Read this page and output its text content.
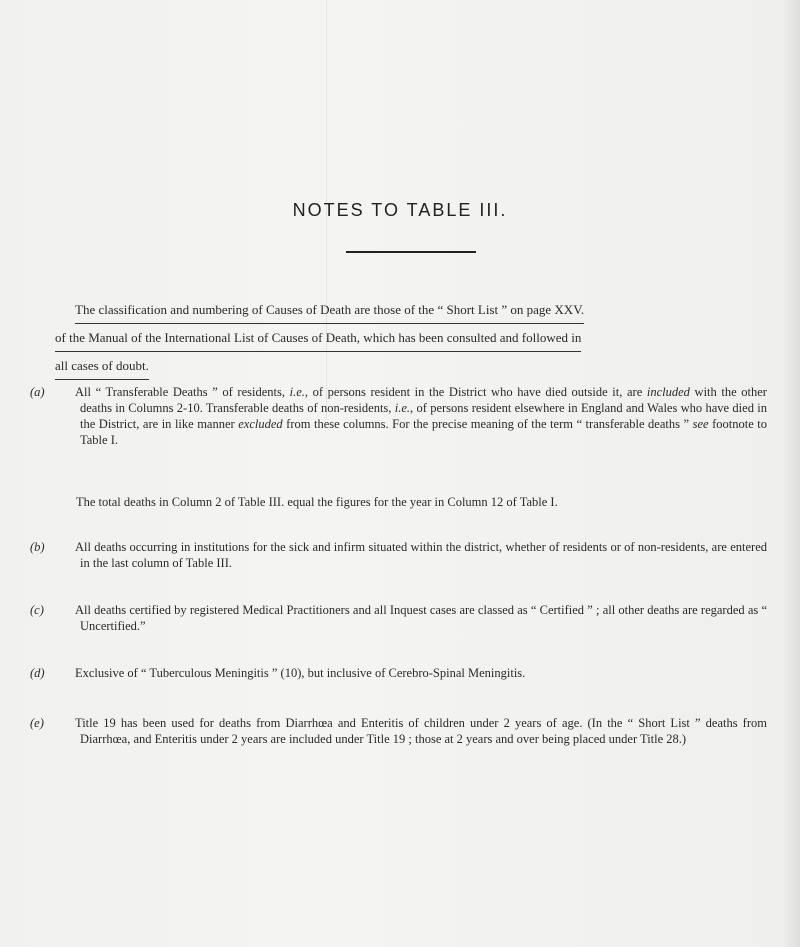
NOTES TO TABLE III.
The classification and numbering of Causes of Death are those of the “ Short List ” on page XXV.
of the Manual of the International List of Causes of Death, which has been consulted and followed in
all cases of doubt.
(a) All “ Transferable Deaths ” of residents, i.e., of persons resident in the District who have died outside it, are included with the other deaths in Columns 2-10. Transferable deaths of non-residents, i.e., of persons resident elsewhere in England and Wales who have died in the District, are in like manner excluded from these columns. For the precise meaning of the term “ transferable deaths ” see footnote to Table I.
The total deaths in Column 2 of Table III. equal the figures for the year in Column 12 of Table I.
(b) All deaths occurring in institutions for the sick and infirm situated within the district, whether of residents or of non-residents, are entered in the last column of Table III.
(c) All deaths certified by registered Medical Practitioners and all Inquest cases are classed as “ Certified ” ; all other deaths are regarded as “ Uncertified.”
(d) Exclusive of “ Tuberculous Meningitis ” (10), but inclusive of Cerebro-Spinal Meningitis.
(e) Title 19 has been used for deaths from Diarrhœa and Enteritis of children under 2 years of age. (In the “ Short List ” deaths from Diarrhœa, and Enteritis under 2 years are included under Title 19 ; those at 2 years and over being placed under Title 28.)
